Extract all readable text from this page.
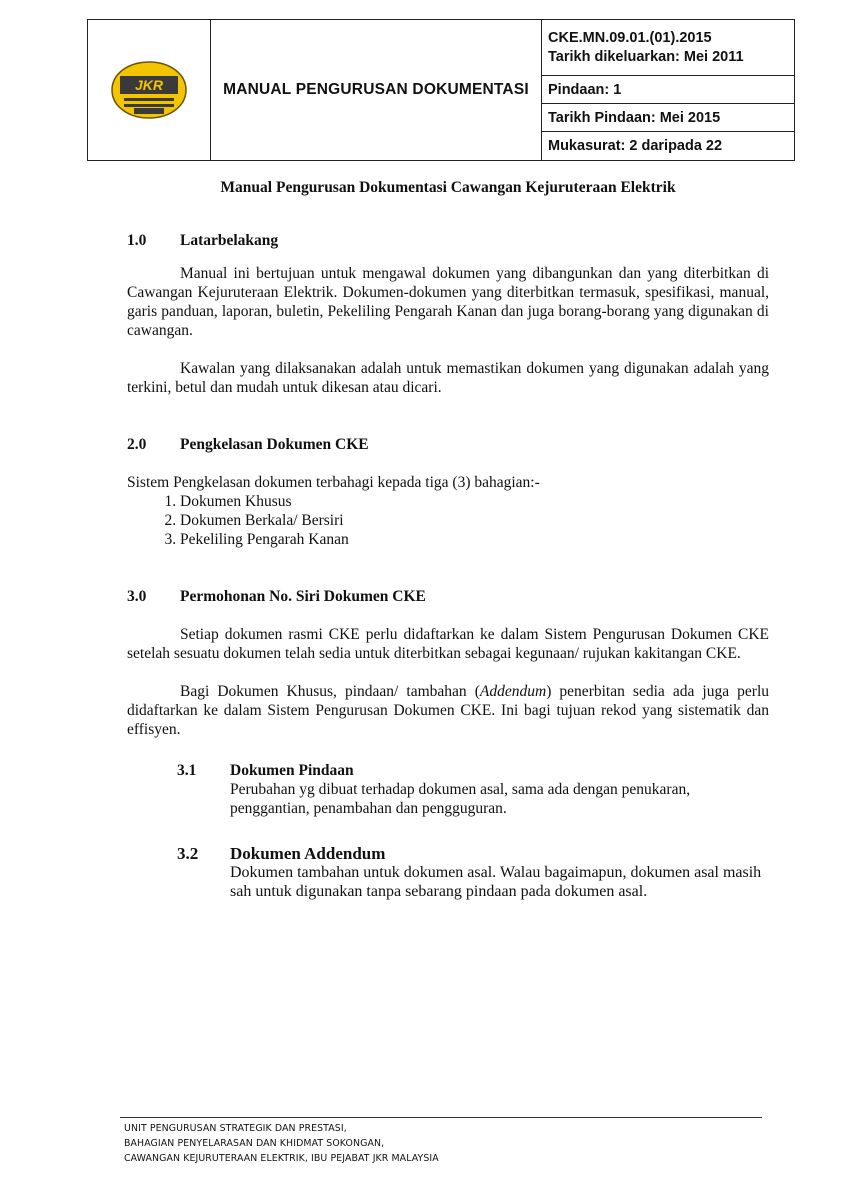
JKR	MANUAL PENGURUSAN DOKUMENTASI
CKE.MN.09.01.(01).2015
Tarikh dikeluarkan: Mei 2011
Pindaan: 1
Tarikh Pindaan: Mei 2015
Mukasurat: 2 daripada 22
Manual Pengurusan Dokumentasi Cawangan Kejuruteraan Elektrik
1.0	Latarbelakang

Manual ini bertujuan untuk mengawal dokumen yang dibangunkan dan yang diterbitkan di Cawangan Kejuruteraan Elektrik. Dokumen-dokumen yang diterbitkan termasuk, spesifikasi, manual, garis panduan, laporan, buletin, Pekeliling Pengarah Kanan dan juga borang-borang yang digunakan di cawangan.

Kawalan yang dilaksanakan adalah untuk memastikan dokumen yang digunakan adalah yang terkini, betul dan mudah untuk dikesan atau dicari.

2.0	Pengkelasan Dokumen CKE

Sistem Pengkelasan dokumen terbahagi kepada tiga (3) bahagian:-

1. Dokumen Khusus
2. Dokumen Berkala/ Bersiri
3. Pekeliling Pengarah Kanan
3.0	Permohonan No. Siri Dokumen CKE

Setiap dokumen rasmi CKE perlu didaftarkan ke dalam Sistem Pengurusan Dokumen CKE setelah sesuatu dokumen telah sedia untuk diterbitkan sebagai kegunaan/ rujukan kakitangan CKE.

Bagi Dokumen Khusus, pindaan/ tambahan (Addendum) penerbitan sedia ada juga perlu didaftarkan ke dalam Sistem Pengurusan Dokumen CKE. Ini bagi tujuan rekod yang sistematik dan effisyen.

3.1	Dokumen Pindaan

Perubahan yg dibuat terhadap dokumen asal, sama ada dengan penukaran, penggantian, penambahan dan pengguguran.

3.2	Dokumen Addendum

Dokumen tambahan untuk dokumen asal. Walau bagaimapun, dokumen asal masih sah untuk digunakan tanpa sebarang pindaan pada dokumen asal.

UNIT PENGURUSAN STRATEGIK DAN PRESTASI,
BAHAGIAN PENYELARASAN DAN KHIDMAT SOKONGAN,
CAWANGAN KEJURUTERAAN ELEKTRIK, IBU PEJABAT JKR MALAYSIA
